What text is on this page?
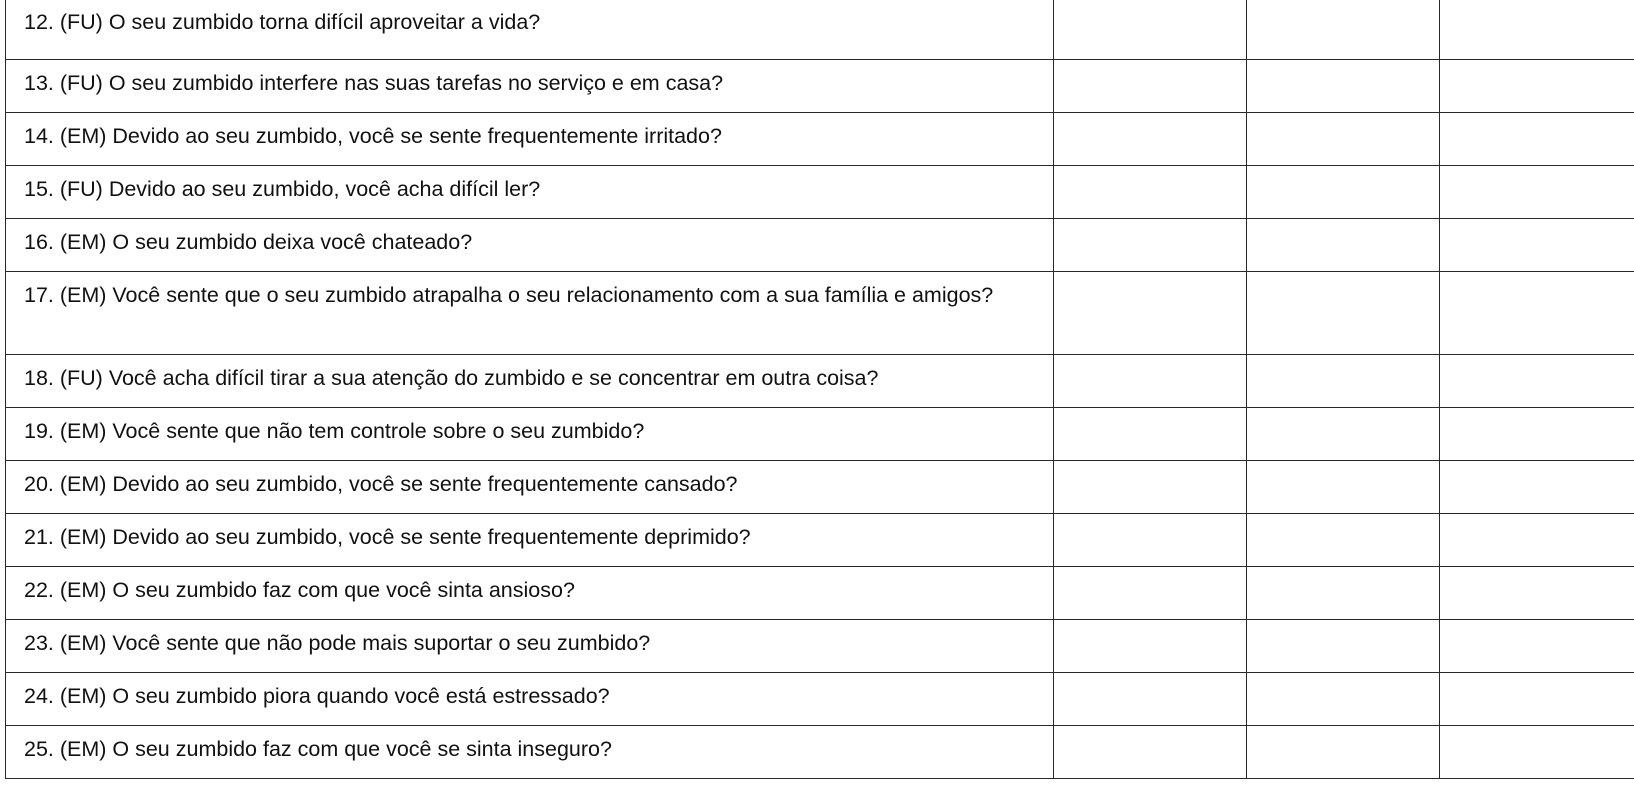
12. (FU) O seu zumbido torna difícil aproveitar a vida?			
13. (FU) O seu zumbido interfere nas suas tarefas no serviço e em casa?			
14. (EM) Devido ao seu zumbido, você se sente frequentemente irritado?			
15. (FU) Devido ao seu zumbido, você acha difícil ler?			
16. (EM) O seu zumbido deixa você chateado?			
17. (EM) Você sente que o seu zumbido atrapalha o seu relacionamento com a sua família e amigos?			
18. (FU) Você acha difícil tirar a sua atenção do zumbido e se concentrar em outra coisa?			
19. (EM) Você sente que não tem controle sobre o seu zumbido?			
20. (EM) Devido ao seu zumbido, você se sente frequentemente cansado?			
21. (EM) Devido ao seu zumbido, você se sente frequentemente deprimido?			
22. (EM) O seu zumbido faz com que você sinta ansioso?			
23. (EM) Você sente que não pode mais suportar o seu zumbido?			
24. (EM) O seu zumbido piora quando você está estressado?			
25. (EM) O seu zumbido faz com que você se sinta inseguro?			
